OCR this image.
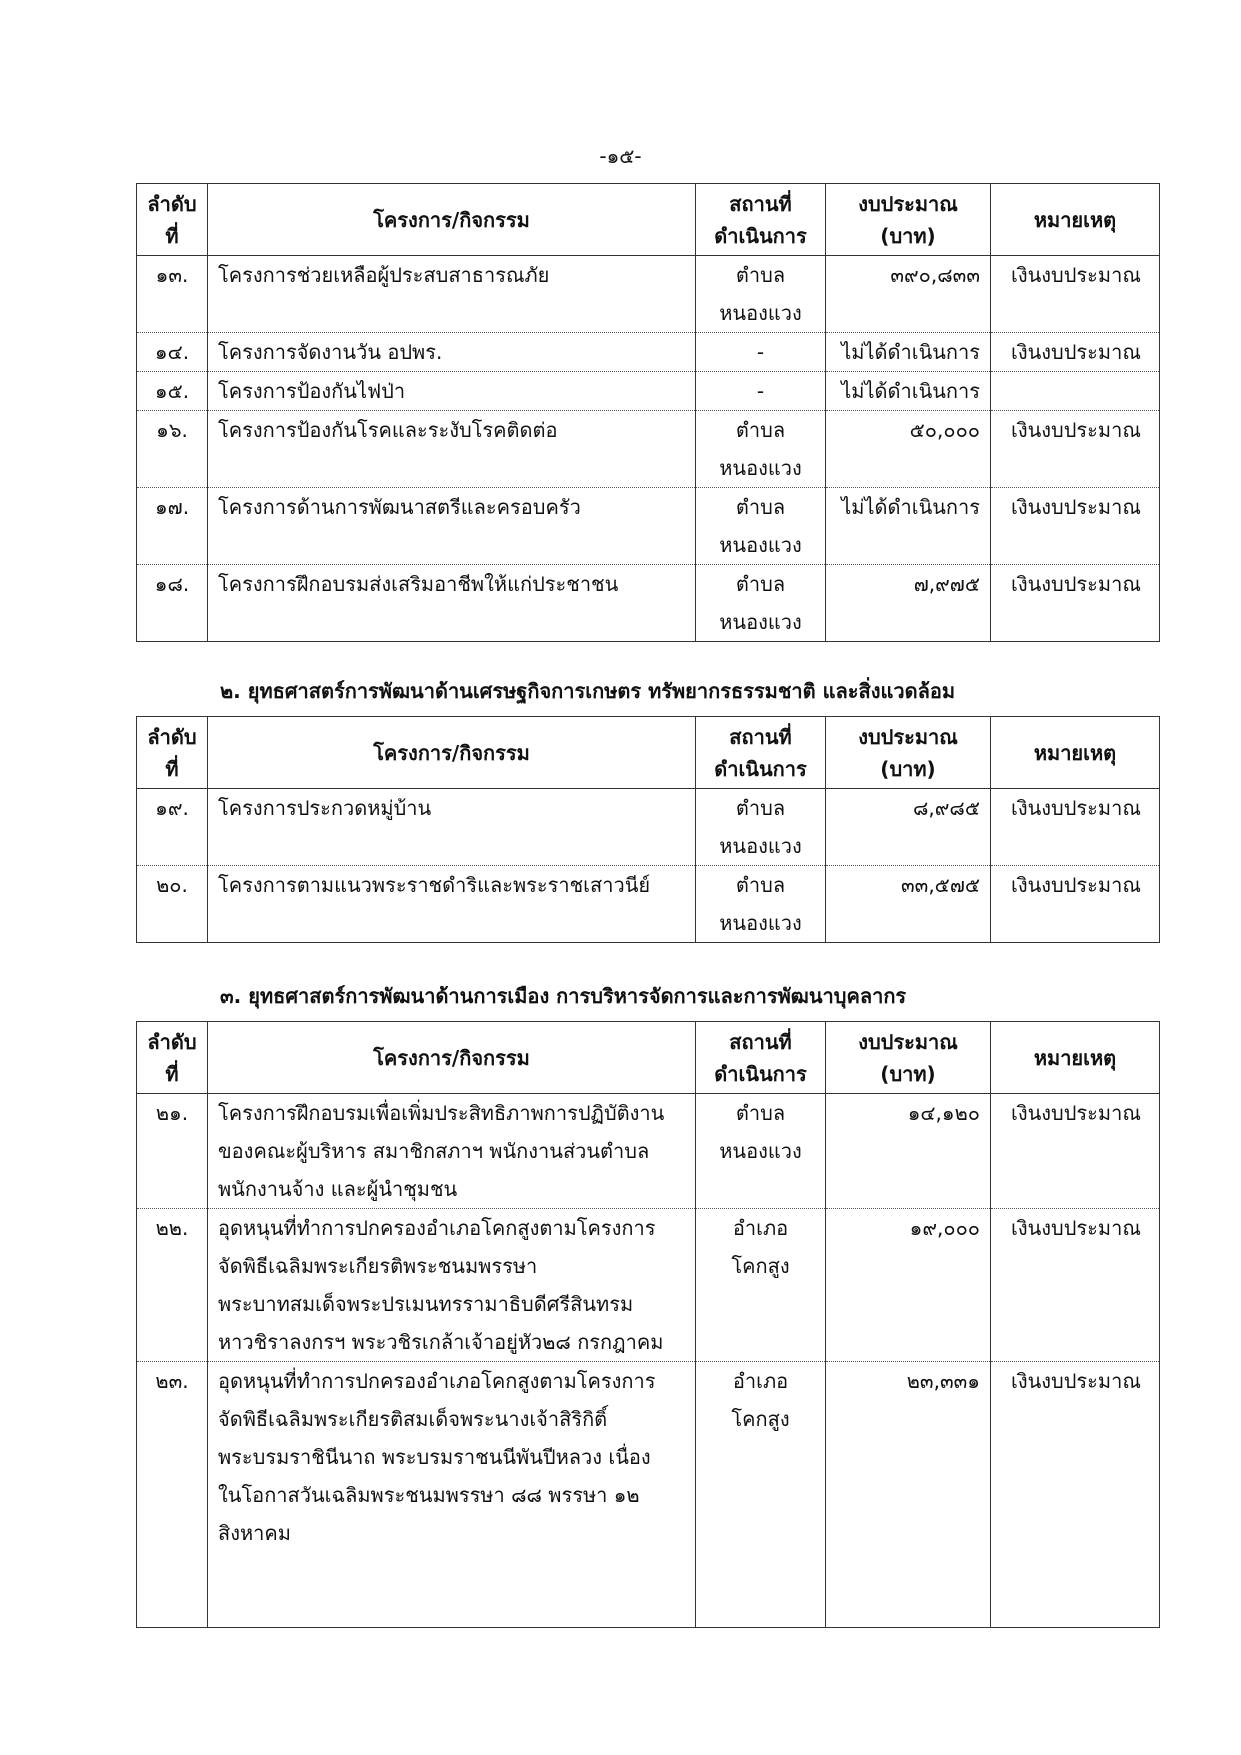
-๑๕-
ลำดับ
ที่	โครงการ/กิจกรรม	สถานที่
ดำเนินการ	งบประมาณ
(บาท)	หมายเหตุ

๑๓.	โครงการช่วยเหลือผู้ประสบสาธารณภัย	ตำบล
หนองแวง	๓๙๐,๘๓๓	เงินงบประมาณ

๑๔.	โครงการจัดงานวัน อปพร.	-	ไม่ได้ดำเนินการ	เงินงบประมาณ

๑๕.	โครงการป้องกันไฟป่า	-	ไม่ได้ดำเนินการ	

๑๖.	โครงการป้องกันโรคและระงับโรคติดต่อ	ตำบล
หนองแวง	๕๐,๐๐๐	เงินงบประมาณ

๑๗.	โครงการด้านการพัฒนาสตรีและครอบครัว	ตำบล
หนองแวง	ไม่ได้ดำเนินการ	เงินงบประมาณ

๑๘.	โครงการฝึกอบรมส่งเสริมอาชีพให้แก่ประชาชน	ตำบล
หนองแวง	๗,๙๗๕	เงินงบประมาณ
๒. ยุทธศาสตร์การพัฒนาด้านเศรษฐกิจการเกษตร ทรัพยากรธรรมชาติ และสิ่งแวดล้อม
ลำดับ
ที่	โครงการ/กิจกรรม	สถานที่
ดำเนินการ	งบประมาณ
(บาท)	หมายเหตุ

๑๙.	โครงการประกวดหมู่บ้าน	ตำบล
หนองแวง	๘,๙๘๕	เงินงบประมาณ

๒๐.	โครงการตามแนวพระราชดำริและพระราชเสาวนีย์	ตำบล
หนองแวง	๓๓,๕๗๕	เงินงบประมาณ
๓. ยุทธศาสตร์การพัฒนาด้านการเมือง การบริหารจัดการและการพัฒนาบุคลากร
ลำดับ
ที่	โครงการ/กิจกรรม	สถานที่
ดำเนินการ	งบประมาณ
(บาท)	หมายเหตุ

๒๑.	โครงการฝึกอบรมเพื่อเพิ่มประสิทธิภาพการปฏิบัติงาน
ของคณะผู้บริหาร สมาชิกสภาฯ พนักงานส่วนตำบล
พนักงานจ้าง และผู้นำชุมชน	ตำบล
หนองแวง	๑๔,๑๒๐	เงินงบประมาณ

๒๒.	อุดหนุนที่ทำการปกครองอำเภอโคกสูงตามโครงการ
จัดพิธีเฉลิมพระเกียรติพระชนมพรรษา
พระบาทสมเด็จพระปรเมนทรรามาธิบดีศรีสินทรม
หาวชิราลงกรฯ พระวชิรเกล้าเจ้าอยู่หัว๒๘ กรกฎาคม	อำเภอ
โคกสูง	๑๙,๐๐๐	เงินงบประมาณ

๒๓.	อุดหนุนที่ทำการปกครองอำเภอโคกสูงตามโครงการ
จัดพิธีเฉลิมพระเกียรติสมเด็จพระนางเจ้าสิริกิติ์
พระบรมราชินีนาถ พระบรมราชนนีพันปีหลวง เนื่อง
ในโอกาสวันเฉลิมพระชนมพรรษา ๘๘ พรรษา ๑๒
สิงหาคม	อำเภอ
โคกสูง	๒๓,๓๓๑	เงินงบประมาณ
